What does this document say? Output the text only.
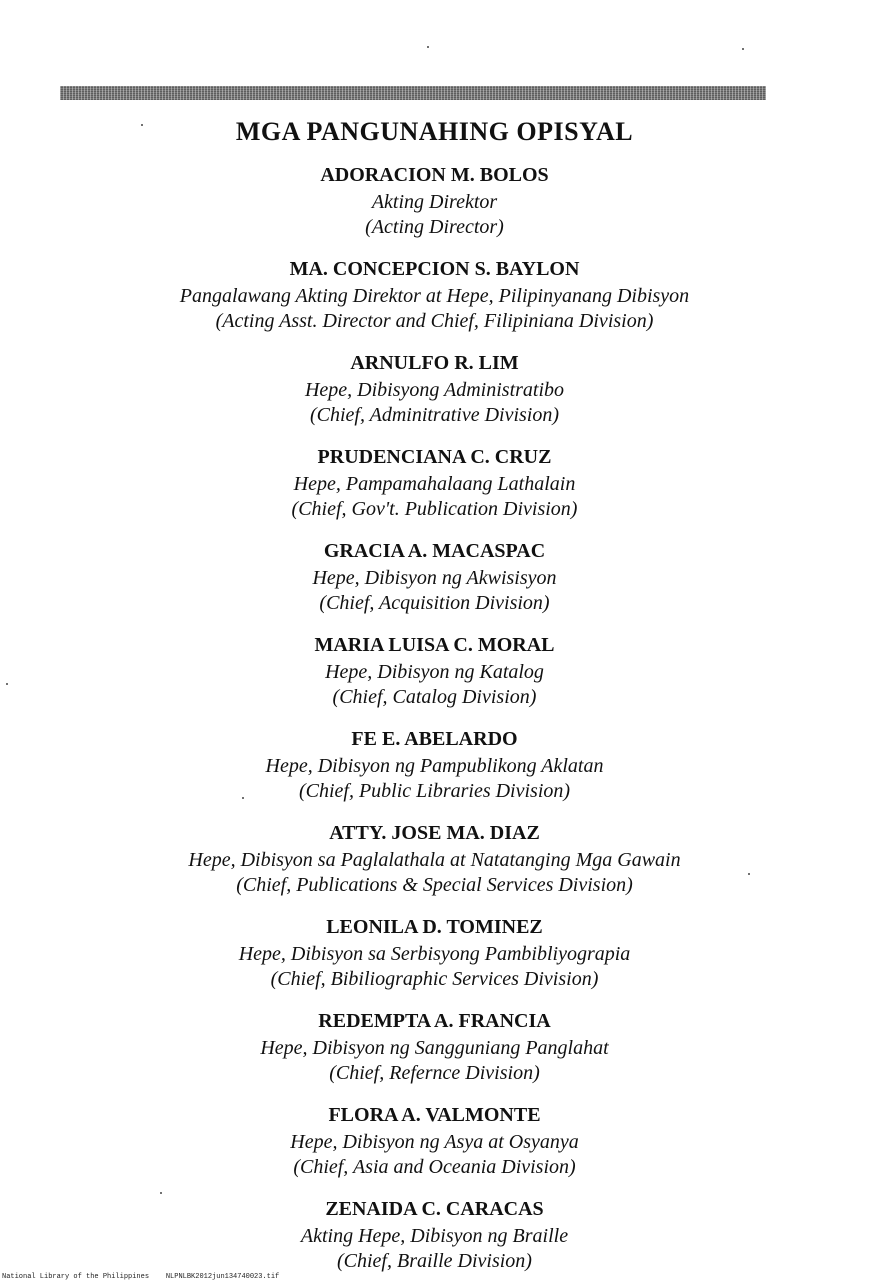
MGA PANGUNAHING OPISYAL
ADORACION M. BOLOS
Akting Direktor
(Acting Director)
MA. CONCEPCION S. BAYLON
Pangalawang Akting Direktor at Hepe, Pilipinyanang Dibisyon
(Acting Asst. Director and Chief, Filipiniana Division)
ARNULFO R. LIM
Hepe, Dibisyong Administratibo
(Chief, Adminitrative Division)
PRUDENCIANA C. CRUZ
Hepe, Pampamahalaang Lathalain
(Chief, Gov't. Publication Division)
GRACIA A. MACASPAC
Hepe, Dibisyon ng Akwisisyon
(Chief, Acquisition Division)
MARIA LUISA C. MORAL
Hepe, Dibisyon ng Katalog
(Chief, Catalog Division)
FE E. ABELARDO
Hepe, Dibisyon ng Pampublikong Aklatan
(Chief, Public Libraries Division)
ATTY. JOSE MA. DIAZ
Hepe, Dibisyon sa Paglalathala at Natatanging Mga Gawain
(Chief, Publications & Special Services Division)
LEONILA D. TOMINEZ
Hepe, Dibisyon sa Serbisyong Pambibliyograpia
(Chief, Bibiliographic Services Division)
REDEMPTA A. FRANCIA
Hepe, Dibisyon ng Sangguniang Panglahat
(Chief, Refernce Division)
FLORA A. VALMONTE
Hepe, Dibisyon ng Asya at Osyanya
(Chief, Asia and Oceania Division)
ZENAIDA C. CARACAS
Akting Hepe, Dibisyon ng Braille
(Chief, Braille Division)
National Library of the Philippines NLPNLBK2012jun134740023.tif
